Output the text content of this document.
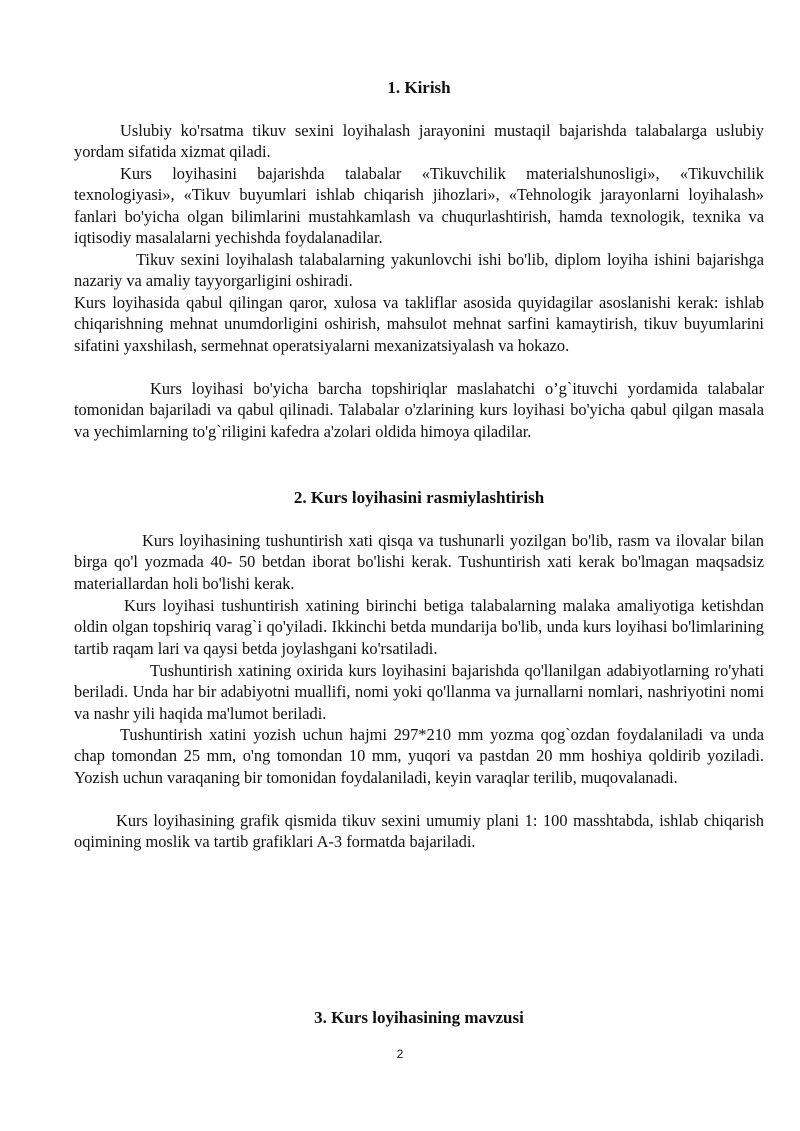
1. Kirish

Uslubiy ko'rsatma tikuv sexini loyihalash jarayonini mustaqil bajarishda talabalarga uslubiy yordam sifatida xizmat qiladi.

Kurs loyihasini bajarishda talabalar «Tikuvchilik materialshunosligi», «Tikuvchilik texnologiyasi», «Tikuv buyumlari ishlab chiqarish jihozlari», «Tehnologik jarayonlarni loyihalash» fanlari bo'yicha olgan bilimlarini mustahkamlash va chuqurlashtirish, hamda texnologik, texnika va iqtisodiy masalalarni yechishda foydalanadilar.

Tikuv sexini loyihalash talabalarning yakunlovchi ishi bo'lib, diplom loyiha ishini bajarishga nazariy va amaliy tayyorgarligini oshiradi.

Kurs loyihasida qabul qilingan qaror, xulosa va takliflar asosida quyidagilar asoslanishi kerak: ishlab chiqarishning mehnat unumdorligini oshirish, mahsulot mehnat sarfini kamaytirish, tikuv buyumlarini sifatini yaxshilash, sermehnat operatsiyalarni mexanizatsiyalash va hokazo.

Kurs loyihasi bo'yicha barcha topshiriqlar maslahatchi o’g`ituvchi yordamida talabalar tomonidan bajariladi va qabul qilinadi. Talabalar o'zlarining kurs loyihasi bo'yicha qabul qilgan masala va yechimlarning to'g`riligini kafedra a'zolari oldida himoya qiladilar.

2. Kurs loyihasini rasmiylashtirish

Kurs loyihasining tushuntirish xati qisqa va tushunarli yozilgan bo'lib, rasm va ilovalar bilan birga qo'l yozmada 40- 50 betdan iborat bo'lishi kerak. Tushuntirish xati kerak bo'lmagan maqsadsiz materiallardan holi bo'lishi kerak.

Kurs loyihasi tushuntirish xatining birinchi betiga talabalarning malaka amaliyotiga ketishdan oldin olgan topshiriq varag`i qo'yiladi. Ikkinchi betda mundarija bo'lib, unda kurs loyihasi bo'limlarining tartib raqam lari va qaysi betda joylashgani ko'rsatiladi.

Tushuntirish xatining oxirida kurs loyihasini bajarishda qo'llanilgan adabiyotlarning ro'yhati beriladi. Unda har bir adabiyotni muallifi, nomi yoki qo'llanma va jurnallarni nomlari, nashriyotini nomi va nashr yili haqida ma'lumot beriladi.

Tushuntirish xatini yozish uchun hajmi 297*210 mm yozma qog`ozdan foydalaniladi va unda chap tomondan 25 mm, o'ng tomondan 10 mm, yuqori va pastdan 20 mm hoshiya qoldirib yoziladi. Yozish uchun varaqaning bir tomonidan foydalaniladi, keyin varaqlar terilib, muqovalanadi.

Kurs loyihasining grafik qismida tikuv sexini umumiy plani 1: 100 masshtabda, ishlab chiqarish oqimining moslik va tartib grafiklari A-3 formatda bajariladi.

3. Kurs loyihasining mavzusi
2
